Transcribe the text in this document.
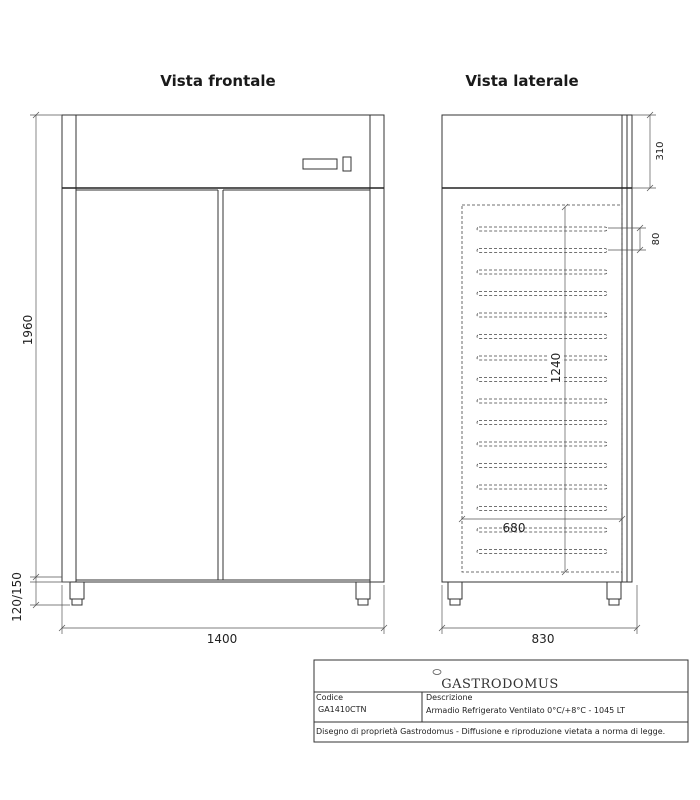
Vista frontale	Vista laterale
1960
120/150
1400
310
80
1240
680
830
GASTRODOMUS
Codice
GA1410CTN
Descrizione
Armadio Refrigerato Ventilato 0°C/+8°C - 1045 LT
Disegno di proprietà Gastrodomus - Diffusione e riproduzione vietata a norma di legge.
